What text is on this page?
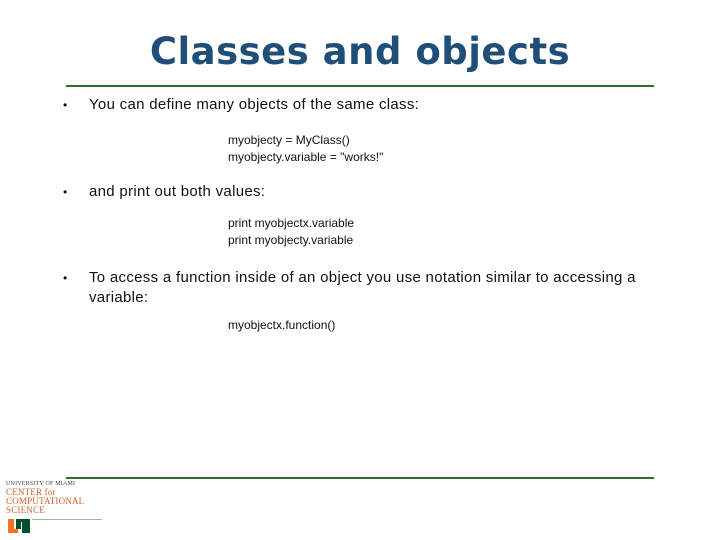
Classes and objects
• You can define many objects of the same class:
myobjecty = MyClass()
myobjecty.variable = "works!"
• and print out both values:
print myobjectx.variable
print myobjecty.variable
• To access a function inside of an object you use notation similar to accessing a variable:
myobjectx.function()
UNIVERSITY OF MIAMI
CENTER for
COMPUTATIONAL
SCIENCE
